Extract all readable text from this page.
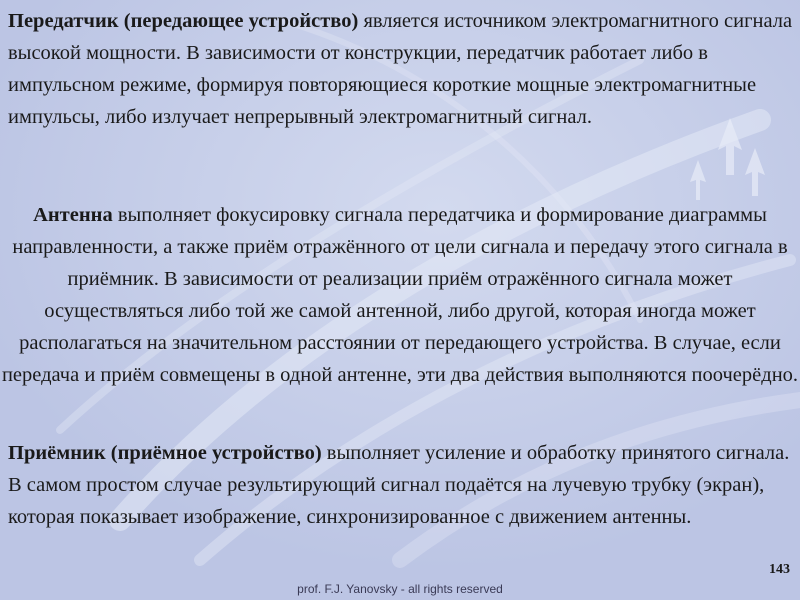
Передатчик (передающее устройство) является источником электромагнитного сигнала высокой мощности. В зависимости от конструкции, передатчик работает либо в импульсном режиме, формируя повторяющиеся короткие мощные электромагнитные импульсы, либо излучает непрерывный электромагнитный сигнал.

Антенна выполняет фокусировку сигнала передатчика и формирование диаграммы направленности, а также приём отражённого от цели сигнала и передачу этого сигнала в приёмник. В зависимости от реализации приём отражённого сигнала может осуществляться либо той же самой антенной, либо другой, которая иногда может располагаться на значительном расстоянии от передающего устройства. В случае, если передача и приём совмещены в одной антенне, эти два действия выполняются поочерёдно.

Приёмник (приёмное устройство) выполняет усиление и обработку принятого сигнала. В самом простом случае результирующий сигнал подаётся на лучевую трубку (экран), которая показывает изображение, синхронизированное с движением антенны.

143
prof. F.J. Yanovsky - all rights reserved
